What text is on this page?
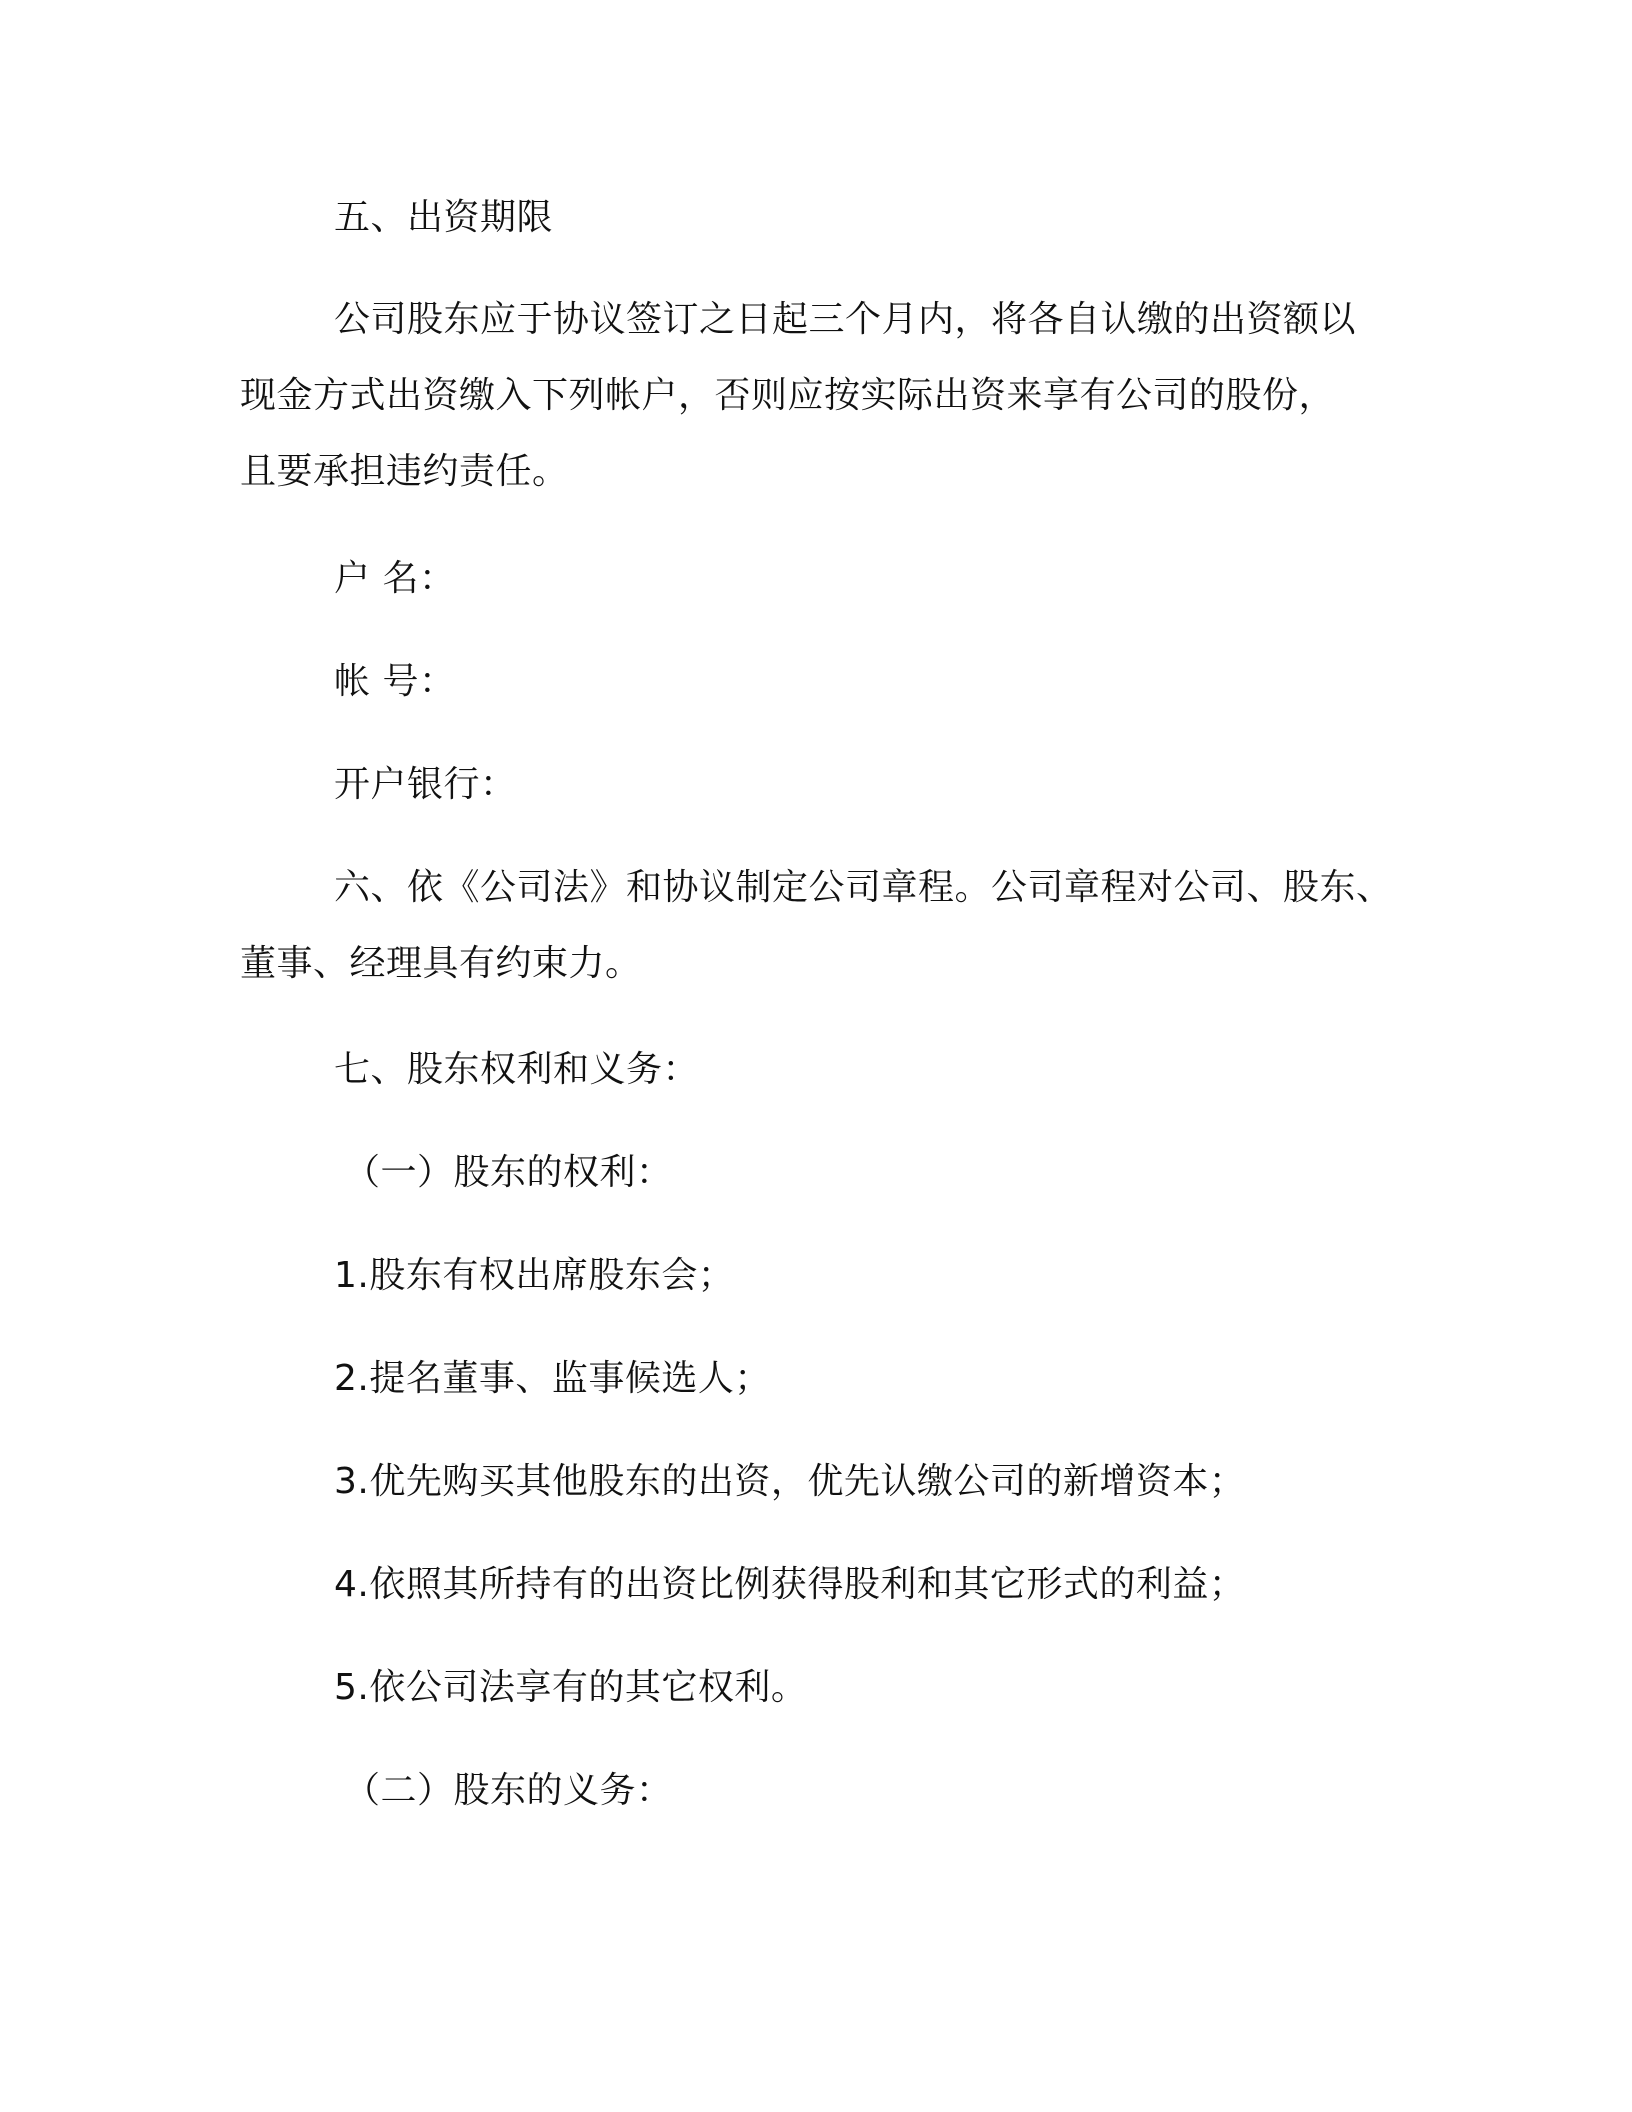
五、出资期限

公司股东应于协议签订之日起三个月内，将各自认缴的出资额以

现金方式出资缴入下列帐户，否则应按实际出资来享有公司的股份，

且要承担违约责任。

户 名：

帐 号：

开户银行：

六、依《公司法》和协议制定公司章程。公司章程对公司、股东、

董事、经理具有约束力。

七、股东权利和义务：

（一）股东的权利：

1.股东有权出席股东会；

2.提名董事、监事候选人；

3.优先购买其他股东的出资，优先认缴公司的新增资本；

4.依照其所持有的出资比例获得股利和其它形式的利益；

5.依公司法享有的其它权利。

（二）股东的义务：
